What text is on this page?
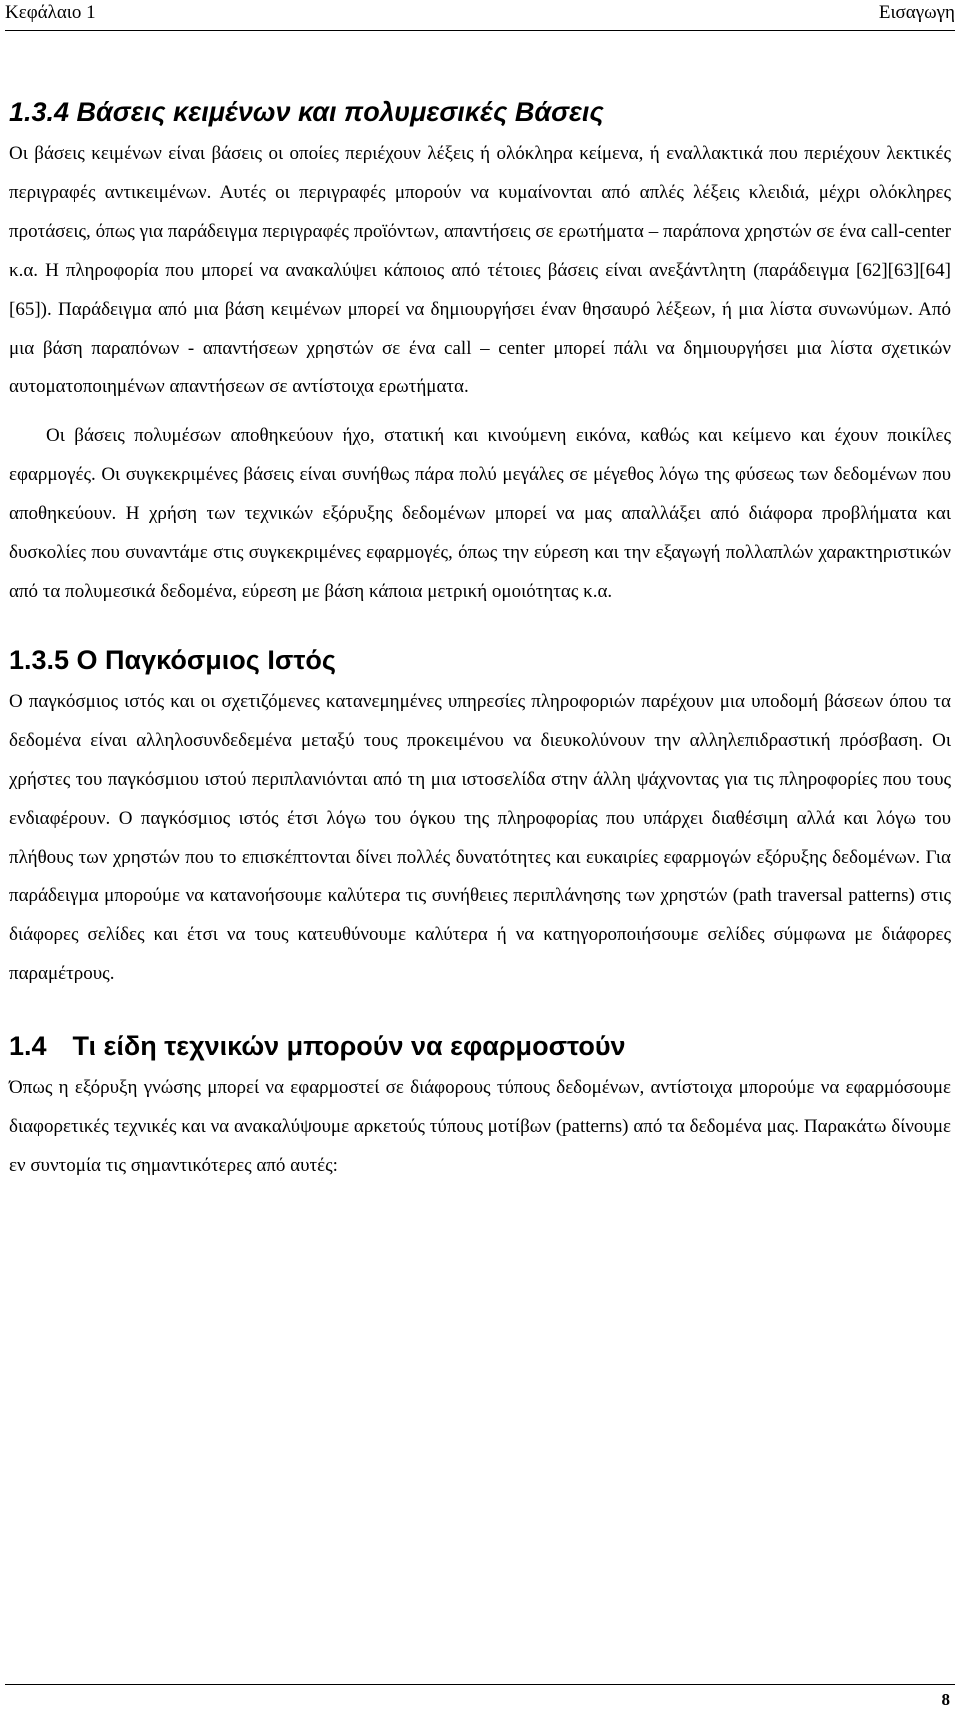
Κεφάλαιο 1	Εισαγωγη
1.3.4 Βάσεις κειμένων και πολυμεσικές Βάσεις

Οι βάσεις κειμένων είναι βάσεις οι οποίες περιέχουν λέξεις ή ολόκληρα κείμενα, ή εναλλακτικά που περιέχουν λεκτικές περιγραφές αντικειμένων. Αυτές οι περιγραφές μπορούν να κυμαίνονται από απλές λέξεις κλειδιά, μέχρι ολόκληρες προτάσεις, όπως για παράδειγμα περιγραφές προϊόντων, απαντήσεις σε ερωτήματα – παράπονα χρηστών σε ένα call-center κ.α. Η πληροφορία που μπορεί να ανακαλύψει κάποιος από τέτοιες βάσεις είναι ανεξάντλητη (παράδειγμα [62][63][64][65]). Παράδειγμα από μια βάση κειμένων μπορεί να δημιουργήσει έναν θησαυρό λέξεων, ή μια λίστα συνωνύμων. Από μια βάση παραπόνων - απαντήσεων χρηστών σε ένα call – center μπορεί πάλι να δημιουργήσει μια λίστα σχετικών αυτοματοποιημένων απαντήσεων σε αντίστοιχα ερωτήματα.

Οι βάσεις πολυμέσων αποθηκεύουν ήχο, στατική και κινούμενη εικόνα, καθώς και κείμενο και έχουν ποικίλες εφαρμογές. Οι συγκεκριμένες βάσεις είναι συνήθως πάρα πολύ μεγάλες σε μέγεθος λόγω της φύσεως των δεδομένων που αποθηκεύουν. Η χρήση των τεχνικών εξόρυξης δεδομένων μπορεί να μας απαλλάξει από διάφορα προβλήματα και δυσκολίες που συναντάμε στις συγκεκριμένες εφαρμογές, όπως την εύρεση και την εξαγωγή πολλαπλών χαρακτηριστικών από τα πολυμεσικά δεδομένα, εύρεση με βάση κάποια μετρική ομοιότητας κ.α.

1.3.5 Ο Παγκόσμιος Ιστός

Ο παγκόσμιος ιστός και οι σχετιζόμενες κατανεμημένες υπηρεσίες πληροφοριών παρέχουν μια υποδομή βάσεων όπου τα δεδομένα είναι αλληλοσυνδεδεμένα μεταξύ τους προκειμένου να διευκολύνουν την αλληλεπιδραστική πρόσβαση. Οι χρήστες του παγκόσμιου ιστού περιπλανιόνται από τη μια ιστοσελίδα στην άλλη ψάχνοντας για τις πληροφορίες που τους ενδιαφέρουν. Ο παγκόσμιος ιστός έτσι λόγω του όγκου της πληροφορίας που υπάρχει διαθέσιμη αλλά και λόγω του πλήθους των χρηστών που το επισκέπτονται δίνει πολλές δυνατότητες και ευκαιρίες εφαρμογών εξόρυξης δεδομένων. Για παράδειγμα μπορούμε να κατανοήσουμε καλύτερα τις συνήθειες περιπλάνησης των χρηστών (path traversal patterns) στις διάφορες σελίδες και έτσι να τους κατευθύνουμε καλύτερα ή να κατηγοροποιήσουμε σελίδες σύμφωνα με διάφορες παραμέτρους.

1.4 Τι είδη τεχνικών μπορούν να εφαρμοστούν

Όπως η εξόρυξη γνώσης μπορεί να εφαρμοστεί σε διάφορους τύπους δεδομένων, αντίστοιχα μπορούμε να εφαρμόσουμε διαφορετικές τεχνικές και να ανακαλύψουμε αρκετούς τύπους μοτίβων (patterns) από τα δεδομένα μας. Παρακάτω δίνουμε εν συντομία τις σημαντικότερες από αυτές:

8
